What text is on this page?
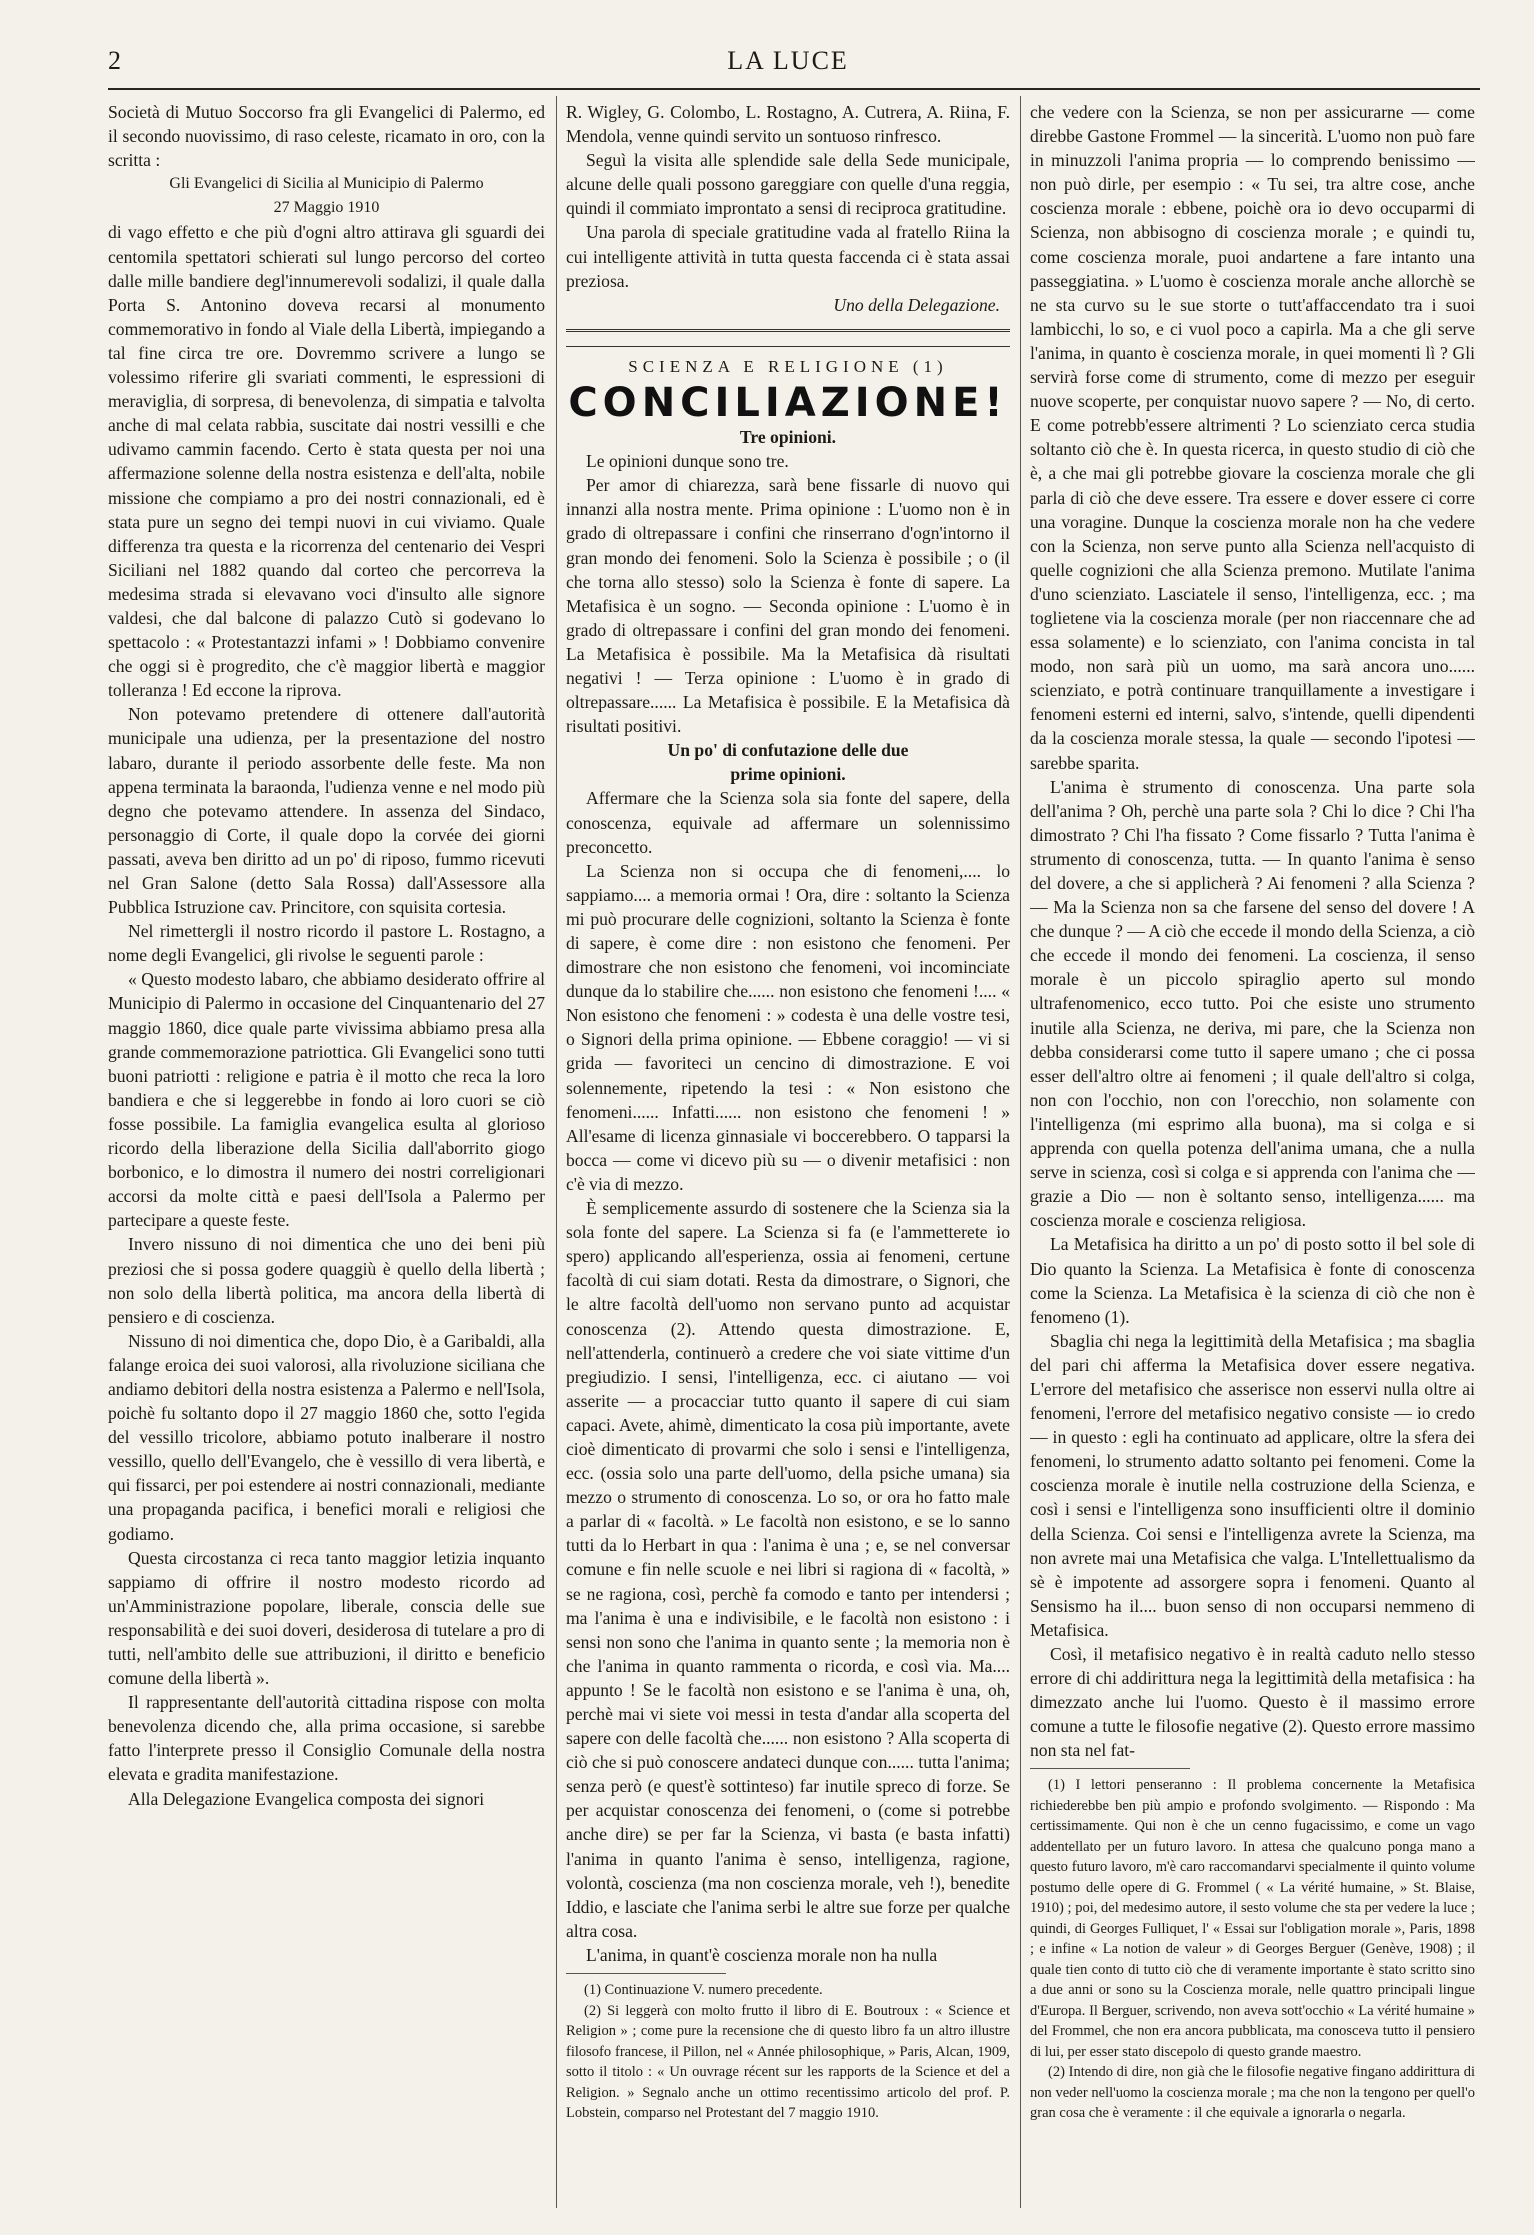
2	LA LUCE

Società di Mutuo Soccorso fra gli Evangelici di Palermo, ed il secondo nuovissimo, di raso celeste, ricamato in oro, con la scritta :

Gli Evangelici di Sicilia al Municipio di Palermo

27 Maggio 1910

di vago effetto e che più d'ogni altro attirava gli sguardi dei centomila spettatori schierati sul lungo percorso del corteo dalle mille bandiere degl'innumerevoli sodalizi, il quale dalla Porta S. Antonino doveva recarsi al monumento commemorativo in fondo al Viale della Libertà, impiegando a tal fine circa tre ore. Dovremmo scrivere a lungo se volessimo riferire gli svariati commenti, le espressioni di meraviglia, di sorpresa, di benevolenza, di simpatia e talvolta anche di mal celata rabbia, suscitate dai nostri vessilli e che udivamo cammin facendo. Certo è stata questa per noi una affermazione solenne della nostra esistenza e dell'alta, nobile missione che compiamo a pro dei nostri connazionali, ed è stata pure un segno dei tempi nuovi in cui viviamo. Quale differenza tra questa e la ricorrenza del centenario dei Vespri Siciliani nel 1882 quando dal corteo che percorreva la medesima strada si elevavano voci d'insulto alle signore valdesi, che dal balcone di palazzo Cutò si godevano lo spettacolo : « Protestantazzi infami » ! Dobbiamo convenire che oggi si è progredito, che c'è maggior libertà e maggior tolleranza ! Ed eccone la riprova.

Non potevamo pretendere di ottenere dall'autorità municipale una udienza, per la presentazione del nostro labaro, durante il periodo assorbente delle feste. Ma non appena terminata la baraonda, l'udienza venne e nel modo più degno che potevamo attendere. In assenza del Sindaco, personaggio di Corte, il quale dopo la corvée dei giorni passati, aveva ben diritto ad un po' di riposo, fummo ricevuti nel Gran Salone (detto Sala Rossa) dall'Assessore alla Pubblica Istruzione cav. Princitore, con squisita cortesia.

Nel rimettergli il nostro ricordo il pastore L. Rostagno, a nome degli Evangelici, gli rivolse le seguenti parole :

« Questo modesto labaro, che abbiamo desiderato offrire al Municipio di Palermo in occasione del Cinquantenario del 27 maggio 1860, dice quale parte vivissima abbiamo presa alla grande commemorazione patriottica. Gli Evangelici sono tutti buoni patriotti : religione e patria è il motto che reca la loro bandiera e che si leggerebbe in fondo ai loro cuori se ciò fosse possibile. La famiglia evangelica esulta al glorioso ricordo della liberazione della Sicilia dall'aborrito giogo borbonico, e lo dimostra il numero dei nostri correligionari accorsi da molte città e paesi dell'Isola a Palermo per partecipare a queste feste.

Invero nissuno di noi dimentica che uno dei beni più preziosi che si possa godere quaggiù è quello della libertà ; non solo della libertà politica, ma ancora della libertà di pensiero e di coscienza.

Nissuno di noi dimentica che, dopo Dio, è a Garibaldi, alla falange eroica dei suoi valorosi, alla rivoluzione siciliana che andiamo debitori della nostra esistenza a Palermo e nell'Isola, poichè fu soltanto dopo il 27 maggio 1860 che, sotto l'egida del vessillo tricolore, abbiamo potuto inalberare il nostro vessillo, quello dell'Evangelo, che è vessillo di vera libertà, e qui fissarci, per poi estendere ai nostri connazionali, mediante una propaganda pacifica, i benefici morali e religiosi che godiamo.

Questa circostanza ci reca tanto maggior letizia inquanto sappiamo di offrire il nostro modesto ricordo ad un'Amministrazione popolare, liberale, conscia delle sue responsabilità e dei suoi doveri, desiderosa di tutelare a pro di tutti, nell'ambito delle sue attribuzioni, il diritto e beneficio comune della libertà ».

Il rappresentante dell'autorità cittadina rispose con molta benevolenza dicendo che, alla prima occasione, si sarebbe fatto l'interprete presso il Consiglio Comunale della nostra elevata e gradita manifestazione.

Alla Delegazione Evangelica composta dei signori

R. Wigley, G. Colombo, L. Rostagno, A. Cutrera, A. Riina, F. Mendola, venne quindi servito un sontuoso rinfresco.

Seguì la visita alle splendide sale della Sede municipale, alcune delle quali possono gareggiare con quelle d'una reggia, quindi il commiato improntato a sensi di reciproca gratitudine.

Una parola di speciale gratitudine vada al fratello Riina la cui intelligente attività in tutta questa faccenda ci è stata assai preziosa.

Uno della Delegazione.

SCIENZA E RELIGIONE (1)
CONCILIAZIONE!
Tre opinioni.

Le opinioni dunque sono tre.

Per amor di chiarezza, sarà bene fissarle di nuovo qui innanzi alla nostra mente. Prima opinione : L'uomo non è in grado di oltrepassare i confini che rinserrano d'ogn'intorno il gran mondo dei fenomeni. Solo la Scienza è possibile ; o (il che torna allo stesso) solo la Scienza è fonte di sapere. La Metafisica è un sogno. — Seconda opinione : L'uomo è in grado di oltrepassare i confini del gran mondo dei fenomeni. La Metafisica è possibile. Ma la Metafisica dà risultati negativi ! — Terza opinione : L'uomo è in grado di oltrepassare...... La Metafisica è possibile. E la Metafisica dà risultati positivi.

Un po' di confutazione delle due
prime opinioni.

Affermare che la Scienza sola sia fonte del sapere, della conoscenza, equivale ad affermare un solennissimo preconcetto.

La Scienza non si occupa che di fenomeni,.... lo sappiamo.... a memoria ormai ! Ora, dire : soltanto la Scienza mi può procurare delle cognizioni, soltanto la Scienza è fonte di sapere, è come dire : non esistono che fenomeni. Per dimostrare che non esistono che fenomeni, voi incominciate dunque da lo stabilire che...... non esistono che fenomeni !.... « Non esistono che fenomeni : » codesta è una delle vostre tesi, o Signori della prima opinione. — Ebbene coraggio! — vi si grida — favoriteci un cencino di dimostrazione. E voi solennemente, ripetendo la tesi : « Non esistono che fenomeni...... Infatti...... non esistono che fenomeni ! » All'esame di licenza ginnasiale vi boccerebbero. O tapparsi la bocca — come vi dicevo più su — o divenir metafisici : non c'è via di mezzo.

È semplicemente assurdo di sostenere che la Scienza sia la sola fonte del sapere. La Scienza si fa (e l'ammetterete io spero) applicando all'esperienza, ossia ai fenomeni, certune facoltà di cui siam dotati. Resta da dimostrare, o Signori, che le altre facoltà dell'uomo non servano punto ad acquistar conoscenza (2). Attendo questa dimostrazione. E, nell'attenderla, continuerò a credere che voi siate vittime d'un pregiudizio. I sensi, l'intelligenza, ecc. ci aiutano — voi asserite — a procacciar tutto quanto il sapere di cui siam capaci. Avete, ahimè, dimenticato la cosa più importante, avete cioè dimenticato di provarmi che solo i sensi e l'intelligenza, ecc. (ossia solo una parte dell'uomo, della psiche umana) sia mezzo o strumento di conoscenza. Lo so, or ora ho fatto male a parlar di « facoltà. » Le facoltà non esistono, e se lo sanno tutti da lo Herbart in qua : l'anima è una ; e, se nel conversar comune e fin nelle scuole e nei libri si ragiona di « facoltà, » se ne ragiona, così, perchè fa comodo e tanto per intendersi ; ma l'anima è una e indivisibile, e le facoltà non esistono : i sensi non sono che l'anima in quanto sente ; la memoria non è che l'anima in quanto rammenta o ricorda, e così via. Ma.... appunto ! Se le facoltà non esistono e se l'anima è una, oh, perchè mai vi siete voi messi in testa d'andar alla scoperta del sapere con delle facoltà che...... non esistono ? Alla scoperta di ciò che si può conoscere andateci dunque con...... tutta l'anima; senza però (e quest'è sottinteso) far inutile spreco di forze. Se per acquistar conoscenza dei fenomeni, o (come si potrebbe anche dire) se per far la Scienza, vi basta (e basta infatti) l'anima in quanto l'anima è senso, intelligenza, ragione, volontà, coscienza (ma non coscienza morale, veh !), benedite Iddio, e lasciate che l'anima serbi le altre sue forze per qualche altra cosa.

L'anima, in quant'è coscienza morale non ha nulla

(1) Continuazione V. numero precedente.

(2) Si leggerà con molto frutto il libro di E. Boutroux : « Science et Religion » ; come pure la recensione che di questo libro fa un altro illustre filosofo francese, il Pillon, nel « Année philosophique, » Paris, Alcan, 1909, sotto il titolo : « Un ouvrage récent sur les rapports de la Science et del a Religion. » Segnalo anche un ottimo recentissimo articolo del prof. P. Lobstein, comparso nel Protestant del 7 maggio 1910.

che vedere con la Scienza, se non per assicurarne — come direbbe Gastone Frommel — la sincerità. L'uomo non può fare in minuzzoli l'anima propria — lo comprendo benissimo — non può dirle, per esempio : « Tu sei, tra altre cose, anche coscienza morale : ebbene, poichè ora io devo occuparmi di Scienza, non abbisogno di coscienza morale ; e quindi tu, come coscienza morale, puoi andartene a fare intanto una passeggiatina. » L'uomo è coscienza morale anche allorchè se ne sta curvo su le sue storte o tutt'affaccendato tra i suoi lambicchi, lo so, e ci vuol poco a capirla. Ma a che gli serve l'anima, in quanto è coscienza morale, in quei momenti lì ? Gli servirà forse come di strumento, come di mezzo per eseguir nuove scoperte, per conquistar nuovo sapere ? — No, di certo. E come potrebb'essere altrimenti ? Lo scienziato cerca studia soltanto ciò che è. In questa ricerca, in questo studio di ciò che è, a che mai gli potrebbe giovare la coscienza morale che gli parla di ciò che deve essere. Tra essere e dover essere ci corre una voragine. Dunque la coscienza morale non ha che vedere con la Scienza, non serve punto alla Scienza nell'acquisto di quelle cognizioni che alla Scienza premono. Mutilate l'anima d'uno scienziato. Lasciatele il senso, l'intelligenza, ecc. ; ma toglietene via la coscienza morale (per non riaccennare che ad essa solamente) e lo scienziato, con l'anima concista in tal modo, non sarà più un uomo, ma sarà ancora uno...... scienziato, e potrà continuare tranquillamente a investigare i fenomeni esterni ed interni, salvo, s'intende, quelli dipendenti da la coscienza morale stessa, la quale — secondo l'ipotesi — sarebbe sparita.

L'anima è strumento di conoscenza. Una parte sola dell'anima ? Oh, perchè una parte sola ? Chi lo dice ? Chi l'ha dimostrato ? Chi l'ha fissato ? Come fissarlo ? Tutta l'anima è strumento di conoscenza, tutta. — In quanto l'anima è senso del dovere, a che si applicherà ? Ai fenomeni ? alla Scienza ? — Ma la Scienza non sa che farsene del senso del dovere ! A che dunque ? — A ciò che eccede il mondo della Scienza, a ciò che eccede il mondo dei fenomeni. La coscienza, il senso morale è un piccolo spiraglio aperto sul mondo ultrafenomenico, ecco tutto. Poi che esiste uno strumento inutile alla Scienza, ne deriva, mi pare, che la Scienza non debba considerarsi come tutto il sapere umano ; che ci possa esser dell'altro oltre ai fenomeni ; il quale dell'altro si colga, non con l'occhio, non con l'orecchio, non solamente con l'intelligenza (mi esprimo alla buona), ma si colga e si apprenda con quella potenza dell'anima umana, che a nulla serve in scienza, così si colga e si apprenda con l'anima che — grazie a Dio — non è soltanto senso, intelligenza...... ma coscienza morale e coscienza religiosa.

La Metafisica ha diritto a un po' di posto sotto il bel sole di Dio quanto la Scienza. La Metafisica è fonte di conoscenza come la Scienza. La Metafisica è la scienza di ciò che non è fenomeno (1).

Sbaglia chi nega la legittimità della Metafisica ; ma sbaglia del pari chi afferma la Metafisica dover essere negativa. L'errore del metafisico che asserisce non esservi nulla oltre ai fenomeni, l'errore del metafisico negativo consiste — io credo — in questo : egli ha continuato ad applicare, oltre la sfera dei fenomeni, lo strumento adatto soltanto pei fenomeni. Come la coscienza morale è inutile nella costruzione della Scienza, e così i sensi e l'intelligenza sono insufficienti oltre il dominio della Scienza. Coi sensi e l'intelligenza avrete la Scienza, ma non avrete mai una Metafisica che valga. L'Intellettualismo da sè è impotente ad assorgere sopra i fenomeni. Quanto al Sensismo ha il.... buon senso di non occuparsi nemmeno di Metafisica.

Così, il metafisico negativo è in realtà caduto nello stesso errore di chi addirittura nega la legittimità della metafisica : ha dimezzato anche lui l'uomo. Questo è il massimo errore comune a tutte le filosofie negative (2). Questo errore massimo non sta nel fat-

(1) I lettori penseranno : Il problema concernente la Metafisica richiederebbe ben più ampio e profondo svolgimento. — Rispondo : Ma certissimamente. Qui non è che un cenno fugacissimo, e come un vago addentellato per un futuro lavoro. In attesa che qualcuno ponga mano a questo futuro lavoro, m'è caro raccomandarvi specialmente il quinto volume postumo delle opere di G. Frommel ( « La vérité humaine, » St. Blaise, 1910) ; poi, del medesimo autore, il sesto volume che sta per vedere la luce ; quindi, di Georges Fulliquet, l' « Essai sur l'obligation morale », Paris, 1898 ; e infine « La notion de valeur » di Georges Berguer (Genève, 1908) ; il quale tien conto di tutto ciò che di veramente importante è stato scritto sino a due anni or sono su la Coscienza morale, nelle quattro principali lingue d'Europa. Il Berguer, scrivendo, non aveva sott'occhio « La vérité humaine » del Frommel, che non era ancora pubblicata, ma conosceva tutto il pensiero di lui, per esser stato discepolo di questo grande maestro.

(2) Intendo di dire, non già che le filosofie negative fingano addirittura di non veder nell'uomo la coscienza morale ; ma che non la tengono per quell'o gran cosa che è veramente : il che equivale a ignorarla o negarla.
